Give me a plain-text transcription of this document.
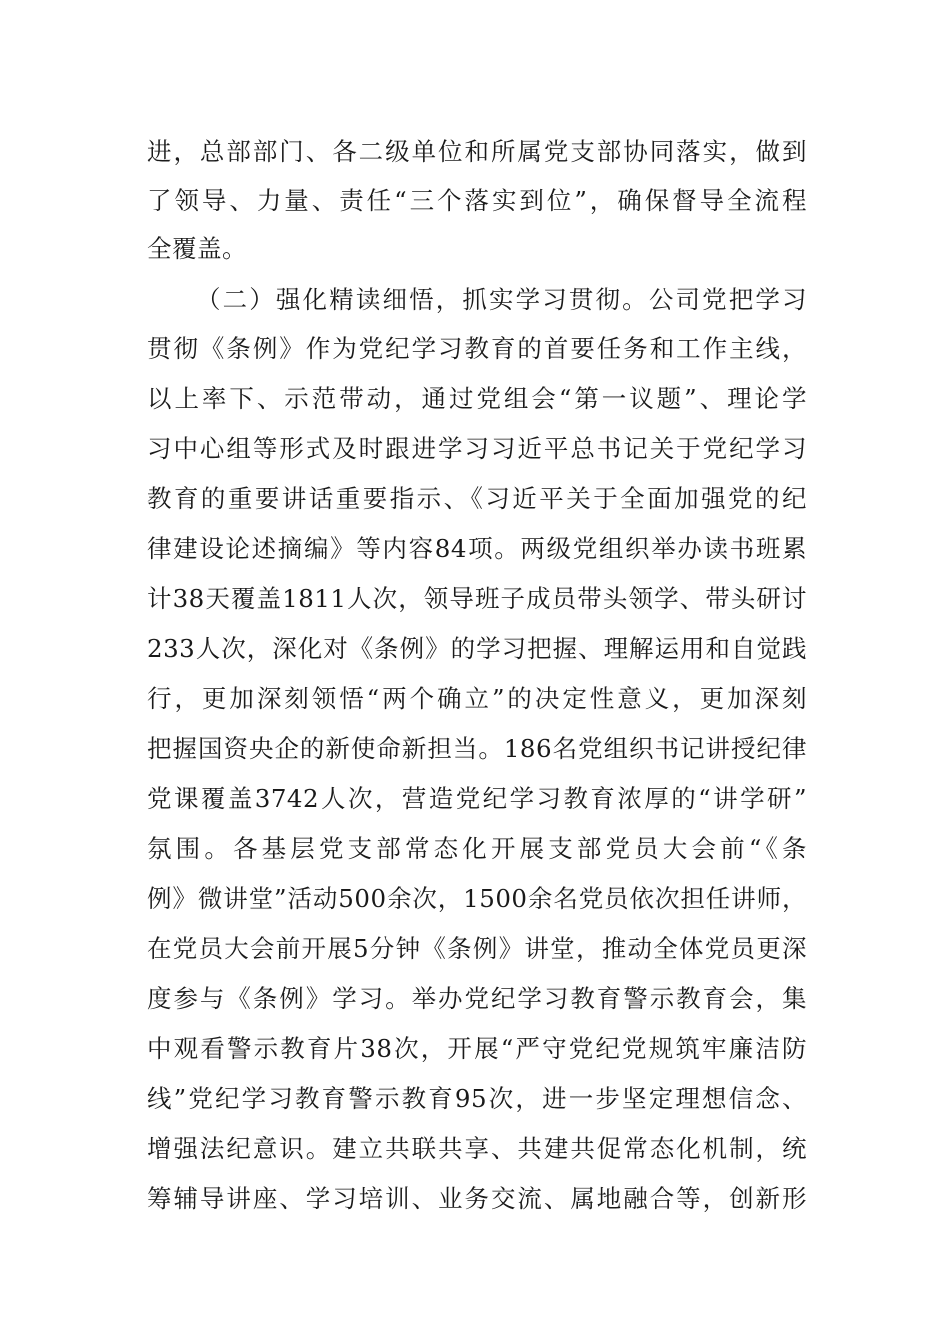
进，总部部门、各二级单位和所属党支部协同落实，做到
了领导、力量、责任“三个落实到位”，确保督导全流程
全覆盖。
（二）强化精读细悟，抓实学习贯彻。公司党把学习
贯彻《条例》作为党纪学习教育的首要任务和工作主线，
以上率下、示范带动，通过党组会“第一议题”、理论学
习中心组等形式及时跟进学习习近平总书记关于党纪学习
教育的重要讲话重要指示、《习近平关于全面加强党的纪
律建设论述摘编》等内容84项。两级党组织举办读书班累
计38天覆盖1811人次，领导班子成员带头领学、带头研讨
233人次，深化对《条例》的学习把握、理解运用和自觉践
行，更加深刻领悟“两个确立”的决定性意义，更加深刻
把握国资央企的新使命新担当。186名党组织书记讲授纪律
党课覆盖3742人次，营造党纪学习教育浓厚的“讲学研”
氛围。各基层党支部常态化开展支部党员大会前“《条
例》微讲堂”活动500余次，1500余名党员依次担任讲师，
在党员大会前开展5分钟《条例》讲堂，推动全体党员更深
度参与《条例》学习。举办党纪学习教育警示教育会，集
中观看警示教育片38次，开展“严守党纪党规筑牢廉洁防
线”党纪学习教育警示教育95次，进一步坚定理想信念、
增强法纪意识。建立共联共享、共建共促常态化机制，统
筹辅导讲座、学习培训、业务交流、属地融合等，创新形
